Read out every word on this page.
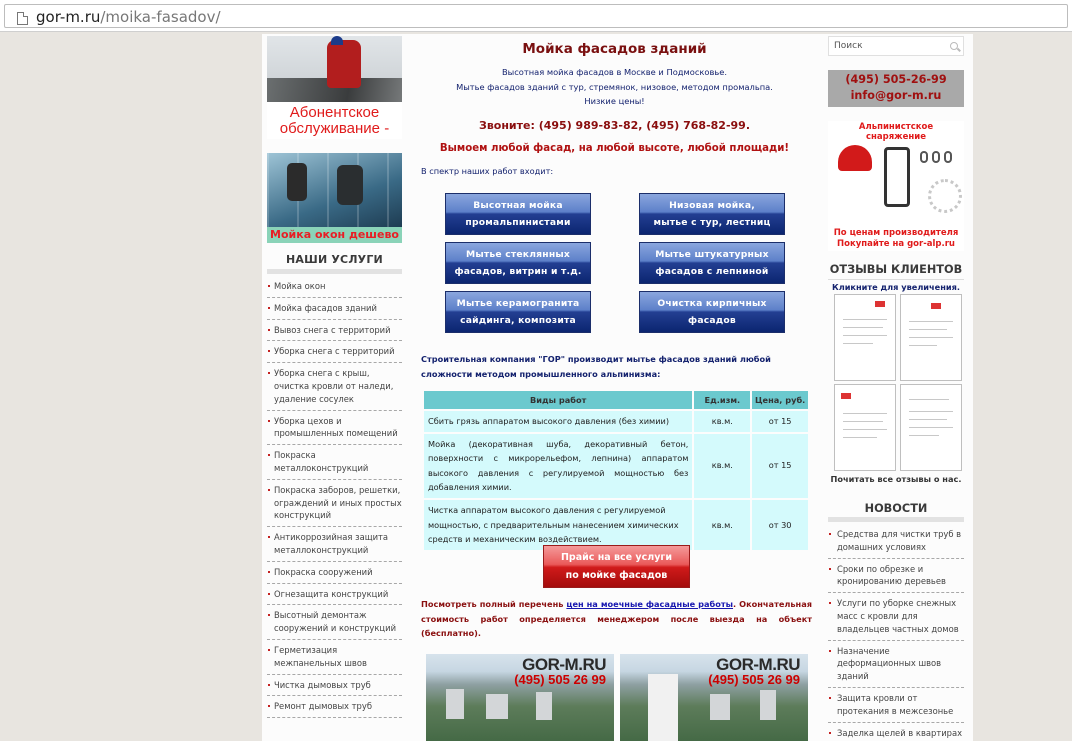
gor-m.ru/moika-fasadov/
Абонентское обслуживание -
Мойка окон дешево
НАШИ УСЛУГИ
Мойка окон
Мойка фасадов зданий
Вывоз снега с территорий
Уборка снега с территорий
Уборка снега с крыш, очистка кровли от наледи, удаление сосулек
Уборка цехов и промышленных помещений
Покраска металлоконструкций
Покраска заборов, решетки, ограждений и иных простых конструкций
Антикоррозийная защита металлоконструкций
Покраска сооружений
Огнезащита конструкций
Высотный демонтаж сооружений и конструкций
Герметизация межпанельных швов
Чистка дымовых труб
Ремонт дымовых труб
Мойка фасадов зданий
Высотная мойка фасадов в Москве и Подмосковье.
Мытье фасадов зданий с тур, стремянок, низовое, методом промальпа.
Низкие цены!
Звоните: (495) 989-83-82, (495) 768-82-99.
Вымоем любой фасад, на любой высоте, любой площади!
В спектр наших работ входит:
Высотная мойка
промальпинистами
Низовая мойка,
мытье с тур, лестниц
Мытье стеклянных
фасадов, витрин и т.д.
Мытье штукатурных
фасадов с лепниной
Мытье керамогранита
сайдинга, композита
Очистка кирпичных
фасадов
Строительная компания "ГОР" производит мытье фасадов зданий любой сложности методом промышленного альпинизма:
Виды работ	Ед.изм.	Цена, руб.
Сбить грязь аппаратом высокого давления (без химии)	кв.м.	от 15
Мойка (декоративная шуба, декоративный бетон, поверхности с микрорельефом, лепнина) аппаратом высокого давления с регулируемой мощностью без добавления химии.	кв.м.	от 15
Чистка аппаратом высокого давления с регулируемой мощностью, с предварительным нанесением химических средств и механическим воздействием.	кв.м.	от 30
Прайс на все услуги
по мойке фасадов
Посмотреть полный перечень цен на моечные фасадные работы. Окончательная стоимость работ определяется менеджером после выезда на объект (бесплатно).
GOR-M.RU
(495) 505 26 99
GOR-M.RU
(495) 505 26 99
Поиск
(495) 505-26-99
info@gor-m.ru
Альпинистское
снаряжение
По ценам производителя
Покупайте на gor-alp.ru
ОТЗЫВЫ КЛИЕНТОВ
Кликните для увеличения.
Почитать все отзывы о нас.
НОВОСТИ
Средства для чистки труб в домашних условиях
Сроки по обрезке и кронированию деревьев
Услуги по уборке снежных масс с кровли для владельцев частных домов
Назначение деформационных швов зданий
Защита кровли от протекания в межсезонье
Заделка щелей в квартирах
